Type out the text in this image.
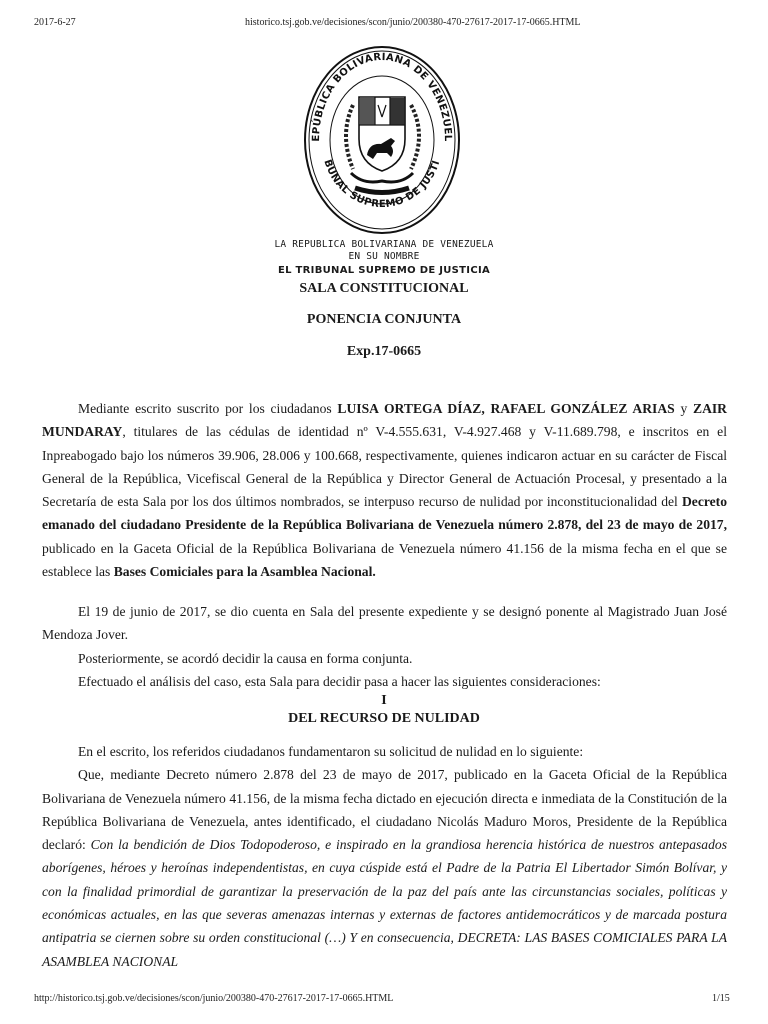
2017-6-27	historico.tsj.gob.ve/decisiones/scon/junio/200380-470-27617-2017-17-0665.HTML
EPÚBLICA BOLIVARIANA DE VENEZUEL
BUNAL SUPREMO DE JUSTI
LA REPUBLICA BOLIVARIANA DE VENEZUELA
EN SU NOMBRE
EL TRIBUNAL SUPREMO DE JUSTICIA
SALA CONSTITUCIONAL
PONENCIA CONJUNTA
Exp.17-0665

Mediante escrito suscrito por los ciudadanos LUISA ORTEGA DÍAZ, RAFAEL GONZÁLEZ ARIAS y ZAIR MUNDARAY, titulares de las cédulas de identidad nº V-4.555.631, V-4.927.468 y V-11.689.798, e inscritos en el Inpreabogado bajo los números 39.906, 28.006 y 100.668, respectivamente, quienes indicaron actuar en su carácter de Fiscal General de la República, Vicefiscal General de la República y Director General de Actuación Procesal, y presentado a la Secretaría de esta Sala por los dos últimos nombrados, se interpuso recurso de nulidad por inconstitucionalidad del Decreto emanado del ciudadano Presidente de la República Bolivariana de Venezuela número 2.878, del 23 de mayo de 2017, publicado en la Gaceta Oficial de la República Bolivariana de Venezuela número 41.156 de la misma fecha en el que se establece las Bases Comiciales para la Asamblea Nacional.

El 19 de junio de 2017, se dio cuenta en Sala del presente expediente y se designó ponente al Magistrado Juan José Mendoza Jover.

Posteriormente, se acordó decidir la causa en forma conjunta.

Efectuado el análisis del caso, esta Sala para decidir pasa a hacer las siguientes consideraciones:

I
DEL RECURSO DE NULIDAD

En el escrito, los referidos ciudadanos fundamentaron su solicitud de nulidad en lo siguiente:

Que, mediante Decreto número 2.878 del 23 de mayo de 2017, publicado en la Gaceta Oficial de la República Bolivariana de Venezuela número 41.156, de la misma fecha dictado en ejecución directa e inmediata de la Constitución de la República Bolivariana de Venezuela, antes identificado, el ciudadano Nicolás Maduro Moros, Presidente de la República declaró: Con la bendición de Dios Todopoderoso, e inspirado en la grandiosa herencia histórica de nuestros antepasados aborígenes, héroes y heroínas independentistas, en cuya cúspide está el Padre de la Patria El Libertador Simón Bolívar, y con la finalidad primordial de garantizar la preservación de la paz del país ante las circunstancias sociales, políticas y económicas actuales, en las que severas amenazas internas y externas de factores antidemocráticos y de marcada postura antipatria se ciernen sobre su orden constitucional (…) Y en consecuencia, DECRETA: LAS BASES COMICIALES PARA LA ASAMBLEA NACIONAL

http://historico.tsj.gob.ve/decisiones/scon/junio/200380-470-27617-2017-17-0665.HTML	1/15
